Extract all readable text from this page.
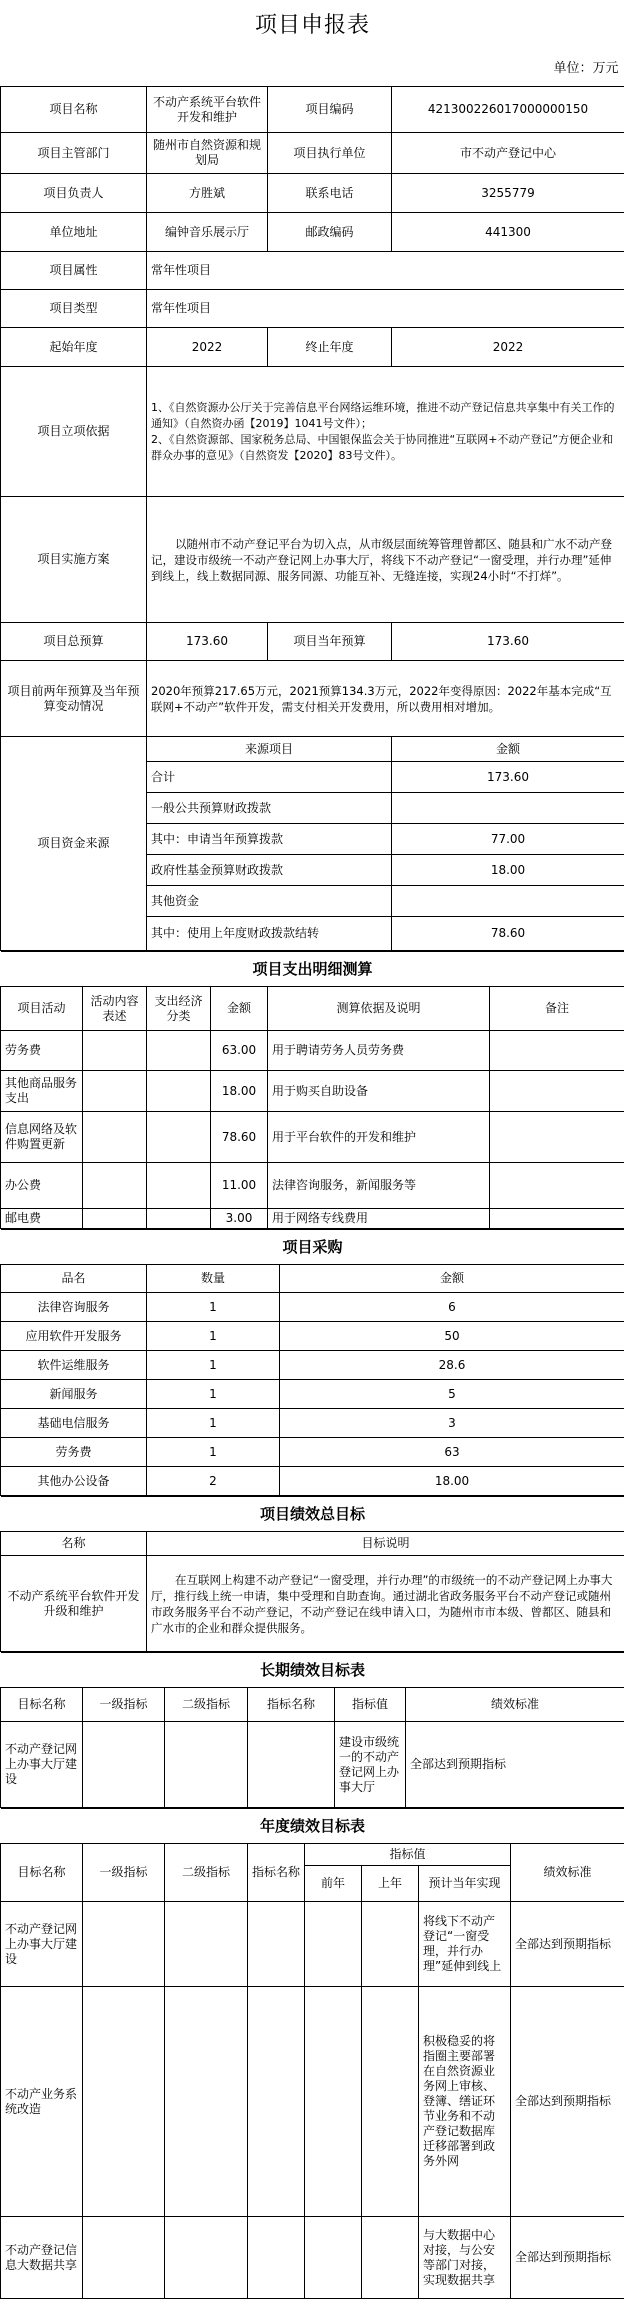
项目申报表			
单位：万元			
项目名称	不动产系统平台软件开发和维护	项目编码	421300226017000000150
项目主管部门	随州市自然资源和规划局	项目执行单位	市不动产登记中心
项目负责人	方胜斌	联系电话	3255779
单位地址	编钟音乐展示厅	邮政编码	441300
项目属性	常年性项目		
项目类型	常年性项目		
起始年度	2022	终止年度	2022
项目立项依据	1、《自然资源办公厅关于完善信息平台网络运维环境，推进不动产登记信息共享集中有关工作的通知》（自然资办函【2019】1041号文件）；
2、《自然资源部、国家税务总局、中国银保监会关于协同推进“互联网+不动产登记”方便企业和群众办事的意见》（自然资发【2020】83号文件）。		
项目实施方案	以随州市不动产登记平台为切入点，从市级层面统筹管理曾都区、随县和广水不动产登记，建设市级统一不动产登记网上办事大厅，将线下不动产登记“一窗受理，并行办理”延伸到线上，线上数据同源、服务同源、功能互补、无缝连接，实现24小时“不打烊”。		
项目总预算	173.60	项目当年预算	173.60
项目前两年预算及当年预算变动情况	2020年预算217.65万元，2021预算134.3万元，2022年变得原因：2022年基本完成“互联网+不动产”软件开发，需支付相关开发费用，所以费用相对增加。		
项目资金来源	来源项目	金额
	合计	173.60
	一般公共预算财政拨款	
	其中：申请当年预算拨款	77.00
	政府性基金预算财政拨款	18.00
	其他资金	
	其中：使用上年度财政拨款结转	78.60
项目支出明细测算					
项目活动	活动内容表述	支出经济分类	金额	测算依据及说明	备注
劳务费			63.00	用于聘请劳务人员劳务费	
其他商品服务支出			18.00	用于购买自助设备	
信息网络及软件购置更新			78.60	用于平台软件的开发和维护	
办公费			11.00	法律咨询服务，新闻服务等	
邮电费			3.00	用于网络专线费用	
项目采购		
品名	数量	金额
法律咨询服务	1	6
应用软件开发服务	1	50
软件运维服务	1	28.6
新闻服务	1	5
基础电信服务	1	3
劳务费	1	63
其他办公设备	2	18.00
项目绩效总目标	
名称	目标说明
不动产系统平台软件开发升级和维护	在互联网上构建不动产登记“一窗受理，并行办理”的市级统一的不动产登记网上办事大厅，推行线上统一申请，集中受理和自助查询。通过湖北省政务服务平台不动产登记或随州市政务服务平台不动产登记，不动产登记在线申请入口，为随州市市本级、曾都区、随县和广水市的企业和群众提供服务。
长期绩效目标表					
目标名称	一级指标	二级指标	指标名称	指标值	绩效标准
不动产登记网上办事大厅建设				建设市级统一的不动产登记网上办事大厅	全部达到预期指标
年度绩效目标表							
目标名称	一级指标	二级指标	指标名称	指标值			绩效标准
				前年	上年	预计当年实现	
不动产登记网上办事大厅建设						将线下不动产登记“一窗受理，并行办理”延伸到线上	全部达到预期指标
不动产业务系统改造						积极稳妥的将指圈主要部署在自然资源业务网上审核、登簿、缮证环节业务和不动产登记数据库迁移部署到政务外网	全部达到预期指标
不动产登记信息大数据共享						与大数据中心对接，与公安等部门对接，实现数据共享	全部达到预期指标
